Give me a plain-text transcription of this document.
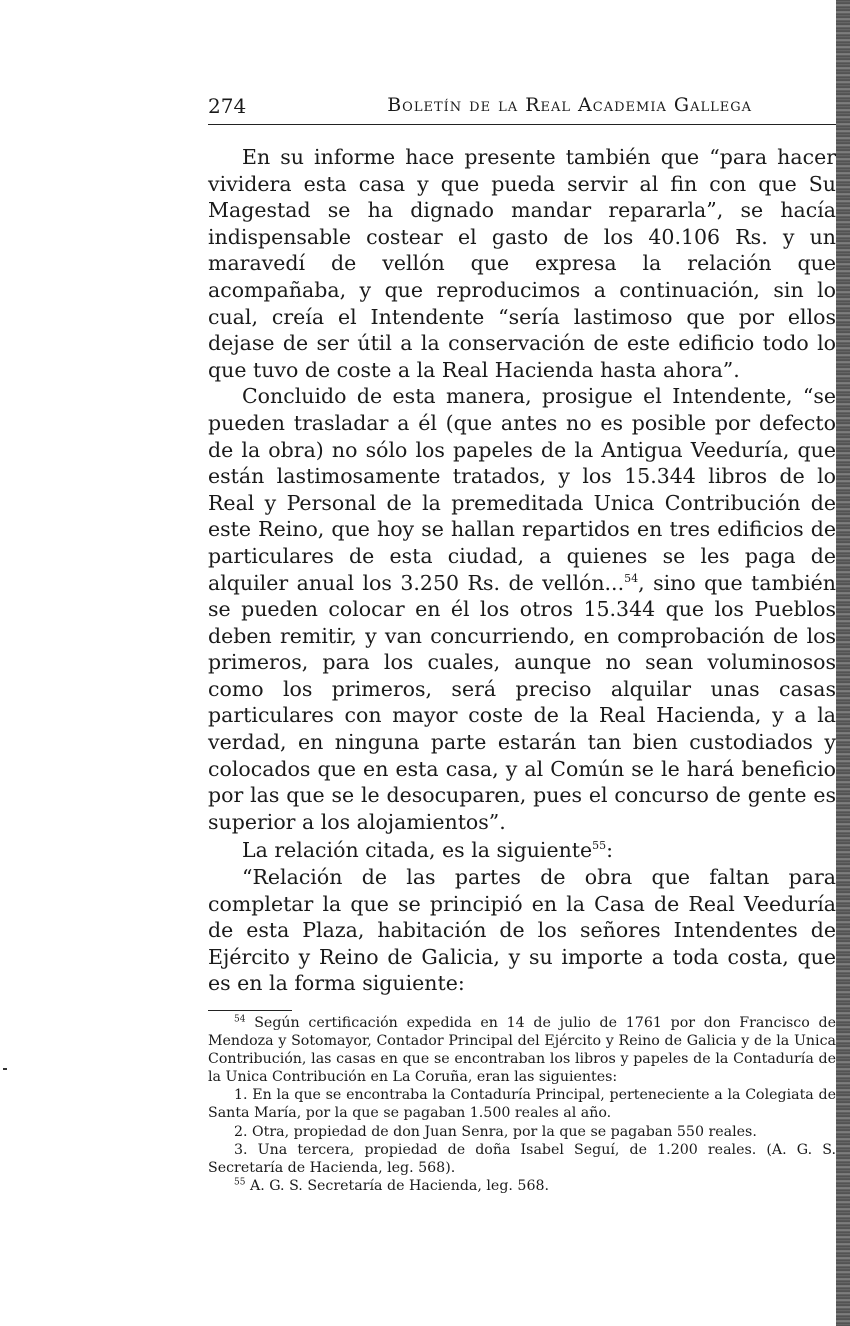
274	Boletín de la Real Academia Gallega

En su informe hace presente también que “para hacer vividera esta casa y que pueda servir al fin con que Su Magestad se ha dignado mandar repararla”, se hacía indispensable costear el gasto de los 40.106 Rs. y un maravedí de vellón que expresa la relación que acompañaba, y que reproducimos a continuación, sin lo cual, creía el Intendente “sería lastimoso que por ellos dejase de ser útil a la conservación de este edificio todo lo que tuvo de coste a la Real Hacienda hasta ahora”.

Concluido de esta manera, prosigue el Intendente, “se pueden trasladar a él (que antes no es posible por defecto de la obra) no sólo los papeles de la Antigua Veeduría, que están lastimosamente tratados, y los 15.344 libros de lo Real y Personal de la premeditada Unica Contribución de este Reino, que hoy se hallan repartidos en tres edificios de particulares de esta ciudad, a quienes se les paga de alquiler anual los 3.250 Rs. de vellón...$^{54}$, sino que también se pueden colocar en él los otros 15.344 que los Pueblos deben remitir, y van concurriendo, en comprobación de los primeros, para los cuales, aunque no sean voluminosos como los primeros, será preciso alquilar unas casas particulares con mayor coste de la Real Hacienda, y a la verdad, en ninguna parte estarán tan bien custodiados y colocados que en esta casa, y al Común se le hará beneficio por las que se le desocuparen, pues el concurso de gente es superior a los alojamientos”.

La relación citada, es la siguiente$^{55}$:

“Relación de las partes de obra que faltan para completar la que se principió en la Casa de Real Veeduría de esta Plaza, habitación de los señores Intendentes de Ejército y Reino de Galicia, y su importe a toda costa, que es en la forma siguiente:

$^{54}$ Según certificación expedida en 14 de julio de 1761 por don Francisco de Mendoza y Sotomayor, Contador Principal del Ejército y Reino de Galicia y de la Unica Contribución, las casas en que se encontraban los libros y papeles de la Contaduría de la Unica Contribución en La Coruña, eran las siguientes:

1. En la que se encontraba la Contaduría Principal, perteneciente a la Colegiata de Santa María, por la que se pagaban 1.500 reales al año.

2. Otra, propiedad de don Juan Senra, por la que se pagaban 550 reales.

3. Una tercera, propiedad de doña Isabel Seguí, de 1.200 reales. (A. G. S. Secretaría de Hacienda, leg. 568).

$^{55}$ A. G. S. Secretaría de Hacienda, leg. 568.
